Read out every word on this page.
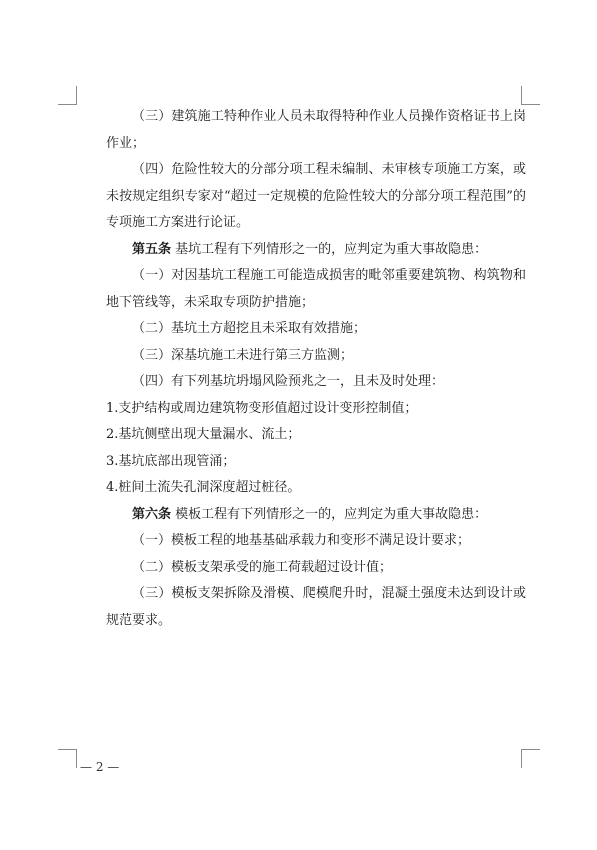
（三）建筑施工特种作业人员未取得特种作业人员操作资格证书上岗作业；

（四）危险性较大的分部分项工程未编制、未审核专项施工方案，或未按规定组织专家对“超过一定规模的危险性较大的分部分项工程范围”的专项施工方案进行论证。

第五条 基坑工程有下列情形之一的，应判定为重大事故隐患：

（一）对因基坑工程施工可能造成损害的毗邻重要建筑物、构筑物和地下管线等，未采取专项防护措施；

（二）基坑土方超挖且未采取有效措施；

（三）深基坑施工未进行第三方监测；

（四）有下列基坑坍塌风险预兆之一，且未及时处理：

1.支护结构或周边建筑物变形值超过设计变形控制值；

2.基坑侧壁出现大量漏水、流土；

3.基坑底部出现管涌；

4.桩间土流失孔洞深度超过桩径。

第六条 模板工程有下列情形之一的，应判定为重大事故隐患：

（一）模板工程的地基基础承载力和变形不满足设计要求；

（二）模板支架承受的施工荷载超过设计值；

（三）模板支架拆除及滑模、爬模爬升时，混凝土强度未达到设计或规范要求。

— 2 —
